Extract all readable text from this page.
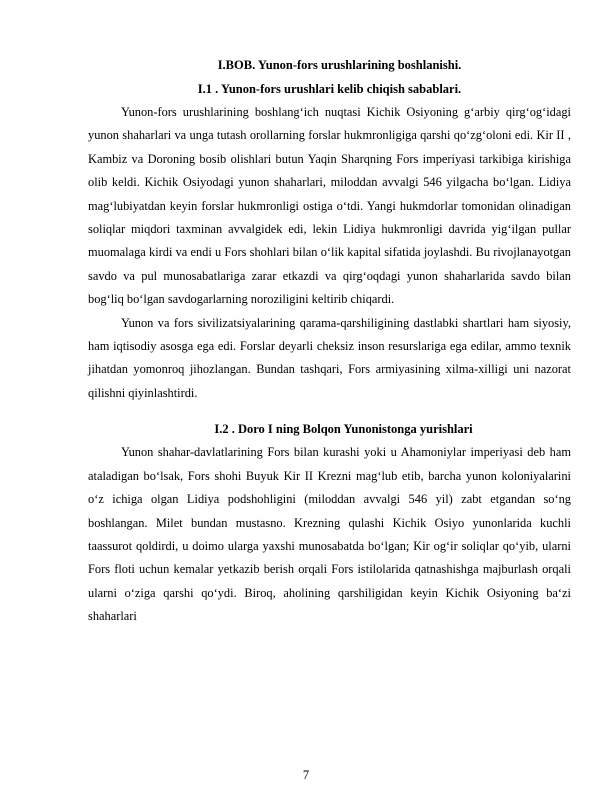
I.BOB. Yunon-fors urushlarining boshlanishi.
I.1 . Yunon-fors urushlari kelib chiqish sabablari.

Yunon-fors urushlarining boshlangʻich nuqtasi Kichik Osiyoning gʻarbiy qirgʻogʻidagi yunon shaharlari va unga tutash orollarning forslar hukmronligiga qarshi qoʻzgʻoloni edi. Kir II , Kambiz va Doroning bosib olishlari butun Yaqin Sharqning Fors imperiyasi tarkibiga kirishiga olib keldi. Kichik Osiyodagi yunon shaharlari, miloddan avvalgi 546 yilgacha boʻlgan. Lidiya magʻlubiyatdan keyin forslar hukmronligi ostiga oʻtdi. Yangi hukmdorlar tomonidan olinadigan soliqlar miqdori taxminan avvalgidek edi, lekin Lidiya hukmronligi davrida yigʻilgan pullar muomalaga kirdi va endi u Fors shohlari bilan oʻlik kapital sifatida joylashdi. Bu rivojlanayotgan savdo va pul munosabatlariga zarar etkazdi va qirgʻoqdagi yunon shaharlarida savdo bilan bogʻliq boʻlgan savdogarlarning noroziligini keltirib chiqardi.

Yunon va fors sivilizatsiyalarining qarama-qarshiligining dastlabki shartlari ham siyosiy, ham iqtisodiy asosga ega edi. Forslar deyarli cheksiz inson resurslariga ega edilar, ammo texnik jihatdan yomonroq jihozlangan. Bundan tashqari, Fors armiyasining xilma-xilligi uni nazorat qilishni qiyinlashtirdi.

I.2 . Doro I ning Bolqon Yunonistonga yurishlari

Yunon shahar-davlatlarining Fors bilan kurashi yoki u Ahamoniylar imperiyasi deb ham ataladigan boʻlsak, Fors shohi Buyuk Kir II Krezni magʻlub etib, barcha yunon koloniyalarini oʻz ichiga olgan Lidiya podshohligini (miloddan avvalgi 546 yil) zabt etgandan soʻng boshlangan. Milet bundan mustasno. Krezning qulashi Kichik Osiyo yunonlarida kuchli taassurot qoldirdi, u doimo ularga yaxshi munosabatda boʻlgan; Kir ogʻir soliqlar qoʻyib, ularni Fors floti uchun kemalar yetkazib berish orqali Fors istilolarida qatnashishga majburlash orqali ularni oʻziga qarshi qoʻydi. Biroq, aholining qarshiligidan keyin Kichik Osiyoning baʻzi shaharlari

7
